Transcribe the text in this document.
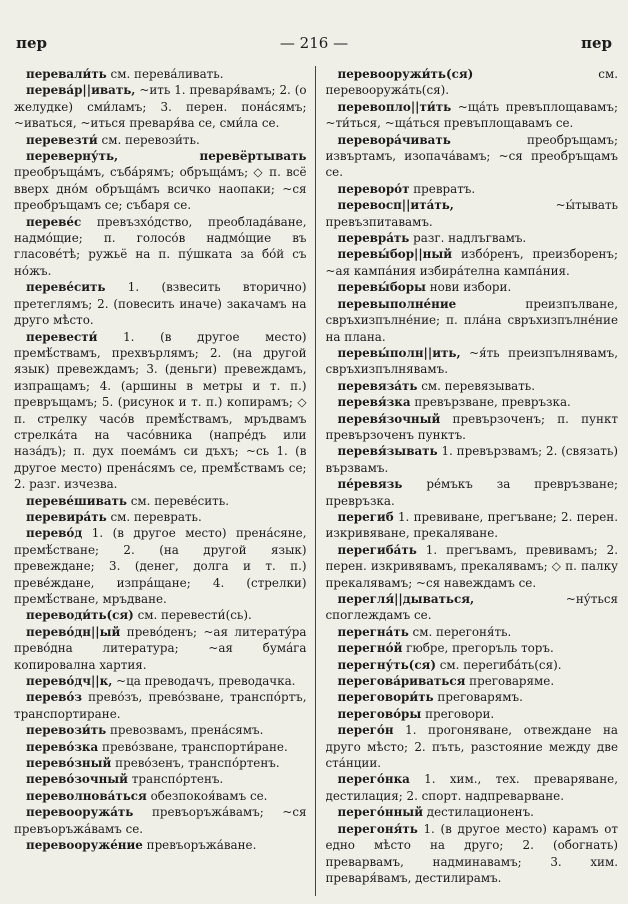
пер	— 216 —	пер

перевали́ть см. перева́ливать.

перева́р||ивать, ~ить 1. преваря́вамъ; 2. (о желудке) сми́ламъ; 3. перен. пона́сямъ; ~иваться, ~иться преваря́ва се, сми́ла се.

перевезти́ см. перевози́ть.

переверну́ть, перевёртывать преобръща́мъ, съба́рямъ; обръща́мъ; ◇ п. всё вверх дно́м обръща́мъ всичко наопаки; ~ся преобръщамъ се; събаря се.

переве́с превъзхо́дство, преоблада́ване, надмо́щие; п. голосо́в надмо́щие въ гласове́тѣ; ружьё на п. пу́шката за бо́й съ но́жъ.

переве́сить 1. (взвесить вторично) претеглямъ; 2. (повесить иначе) закачамъ на друго мѣсто.

перевести́ 1. (в другое место) премѣ́ствамъ, прехвърлямъ; 2. (на другой язык) превеждамъ; 3. (деньги) превеждамъ, изпращамъ; 4. (аршины в метры и т. п.) превръщамъ; 5. (рисунок и т. п.) копирамъ; ◇ п. стрелку часо́в премѣ́ствамъ, мръдвамъ стрелка́та на часо́вника (напре́дъ или наза́дъ); п. дух поема́мъ си дъхъ; ~сь 1. (в другое место) прена́сямъ се, премѣ́ствамъ се; 2. разг. изчезва.

переве́шивать см. переве́сить.

перевира́ть см. переврать.

перево́д 1. (в другое место) прена́сяне, премѣ́стване; 2. (на другой язык) превеждане; 3. (денег, долга и т. п.) преве́ждане, изпра́щане; 4. (стрелки) премѣ́стване, мръдване.

переводи́ть(ся) см. перевести́(сь).

перево́дн||ый прево́денъ; ~ая литерату́ра прево́дна литература; ~ая бума́га копировална хартия.

перево́дч||к, ~ца преводачъ, преводачка.

перево́з прево́зъ, прево́зване, транспо́ртъ, транспортиране.

перевози́ть превозвамъ, прена́сямъ.

перево́зка прево́зване, транспорти́ране.

перево́зный прево́зенъ, транспо́ртенъ.

перево́зочный транспо́ртенъ.

переволнова́ться обезпокоя́вамъ се.

перевооружа́ть превъоръжа́вамъ; ~ся превъоръжа́вамъ се.

перевооруже́ние превъоръжа́ване.

перевооружи́ть(ся) см. перевооружа́ть(ся).

перевопло||ти́ть ~ща́ть превъплощавамъ; ~ти́ться, ~ща́ться превъплощавамъ се.

перевора́чивать преобръщамъ; извъртамъ, изопача́вамъ; ~ся преобръщамъ се.

переворо́т превратъ.

перевосп||ита́ть, ~ы́тывать превъзпитавамъ.

перевра́ть разг. надлъгвамъ.

перевы́бор||ный избо́ренъ, преизборенъ; ~ая кампа́ния избира́телна кампа́ния.

перевы́боры нови избори.

перевыполне́ние преизпълване, свръхизпълне́ние; п. пла́на свръхизпълне́ние на плана.

перевы́полн||ить, ~я́ть преизпълнявамъ, свръхизпълнявамъ.

перевяза́ть см. перевязывать.

перевя́зка превързване, превръзка.

перевя́зочный превързоченъ; п. пункт превързоченъ пунктъ.

перевя́зывать 1. превързвамъ; 2. (связать) вързвамъ.

пе́ревязь ре́мъкъ за превръзване; превръзка.

перегиб 1. превиване, прегъване; 2. перен. изкривяване, прекаляване.

перегиба́ть 1. прегъвамъ, превивамъ; 2. перен. изкривявамъ, прекалявамъ; ◇ п. палку прекалявамъ; ~ся навеждамъ се.

перегля́||дываться, ~ну́ться споглеждамъ се.

перегна́ть см. перегоня́ть.

перегно́й гюбре, прегоръль торъ.

перегну́ть(ся) см. перегиба́ть(ся).

перегова́риваться преговаряме.

переговори́ть преговарямъ.

перегово́ры преговори.

перего́н 1. прогоняване, отвеждане на друго мѣсто; 2. пъть, разстояние между две ста́нции.

перего́нка 1. хим., тех. преваряване, дестилация; 2. спорт. надпреварване.

перего́нный дестилационенъ.

перегоня́ть 1. (в другое место) карамъ от едно мѣсто на друго; 2. (обогнать) преварвамъ, надминавамъ; 3. хим. преваря́вамъ, дестилирамъ.
